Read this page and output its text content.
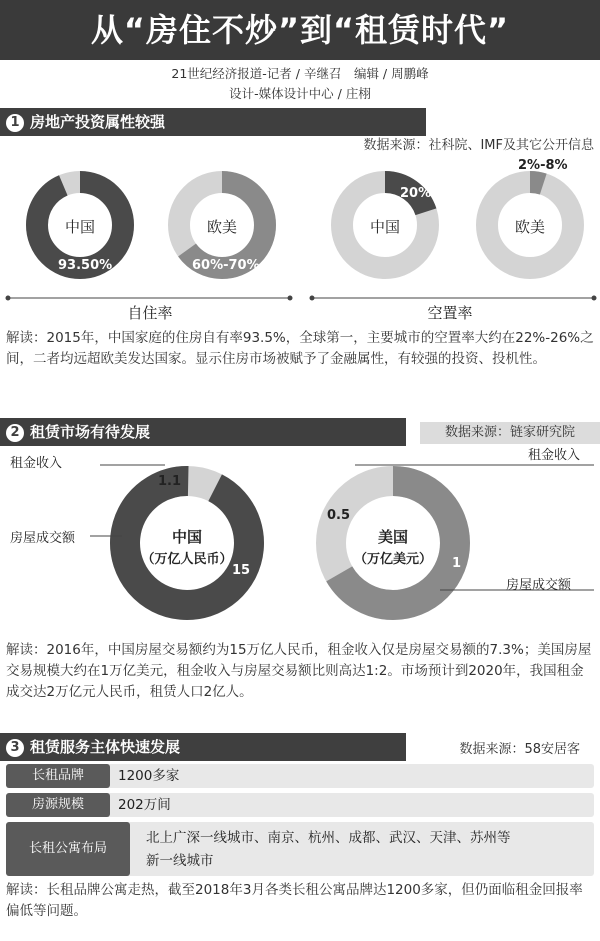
从“房住不炒”到“租赁时代”
21世纪经济报道-记者 / 辛继召　编辑 / 周鹏峰
设计-媒体设计中心 / 庄栩
1 房地产投资属性较强
数据来源：社科院、IMF及其它公开信息
中国
93.50%
欧美
60%-70%
中国
20%
欧美
2%-8%
自住率	空置率
解读：2015年，中国家庭的住房自有率93.5%，全球第一，主要城市的空置率大约在22%-26%之间，二者均远超欧美发达国家。显示住房市场被赋予了金融属性，有较强的投资、投机性。
2 租赁市场有待发展	数据来源：链家研究院
租金收入
1.1
房屋成交额
15
中国
（万亿人民币）
租金收入
0.5
房屋成交额
1
美国
（万亿美元）
解读：2016年，中国房屋交易额约为15万亿人民币，租金收入仅是房屋交易额的7.3%；美国房屋交易规模大约在1万亿美元，租金收入与房屋交易额比则高达1:2。市场预计到2020年，我国租金成交达2万亿元人民币，租赁人口2亿人。
3 租赁服务主体快速发展	数据来源：58安居客
长租品牌	1200多家
房源规模	202万间
长租公寓布局
北上广深一线城市、南京、杭州、成都、武汉、天津、苏州等
新一线城市
解读：长租品牌公寓走热，截至2018年3月各类长租公寓品牌达1200多家，但仍面临租金回报率偏低等问题。
